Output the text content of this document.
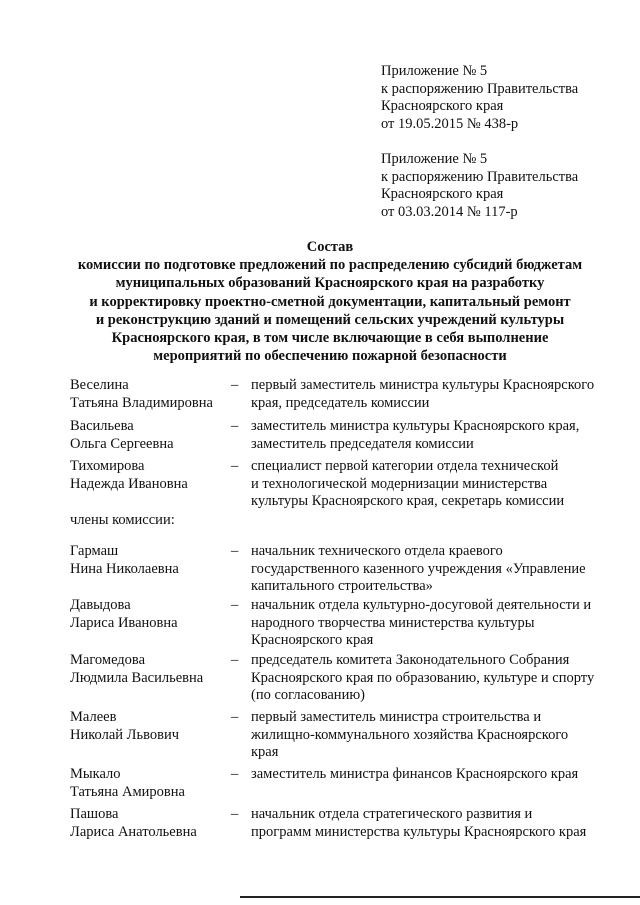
Приложение № 5
к распоряжению Правительства
Красноярского края
от 19.05.2015 № 438-р
Приложение № 5
к распоряжению Правительства
Красноярского края
от 03.03.2014 № 117-р
Состав
комиссии по подготовке предложений по распределению субсидий бюджетам
муниципальных образований Красноярского края на разработку
и корректировку проектно-сметной документации, капитальный ремонт
и реконструкцию зданий и помещений сельских учреждений культуры
Красноярского края, в том числе включающие в себя выполнение
мероприятий по обеспечению пожарной безопасности
Веселина
Татьяна Владимировна
– первый заместитель министра культуры Красноярского
края, председатель комиссии
Васильева
Ольга Сергеевна
– заместитель министра культуры Красноярского края,
заместитель председателя комиссии
Тихомирова
Надежда Ивановна
– специалист первой категории отдела технической
и технологической модернизации министерства
культуры Красноярского края, секретарь комиссии
члены комиссии:
Гармаш
Нина Николаевна
– начальник технического отдела краевого
государственного казенного учреждения «Управление
капитального строительства»
Давыдова
Лариса Ивановна
– начальник отдела культурно-досуговой деятельности и
народного творчества министерства культуры
Красноярского края
Магомедова
Людмила Васильевна
– председатель комитета Законодательного Собрания
Красноярского края по образованию, культуре и спорту
(по согласованию)
Малеев
Николай Львович
– первый заместитель министра строительства и
жилищно-коммунального хозяйства Красноярского
края
Мыкало
Татьяна Амировна
– заместитель министра финансов Красноярского края
Пашова
Лариса Анатольевна
– начальник отдела стратегического развития и
программ министерства культуры Красноярского края
